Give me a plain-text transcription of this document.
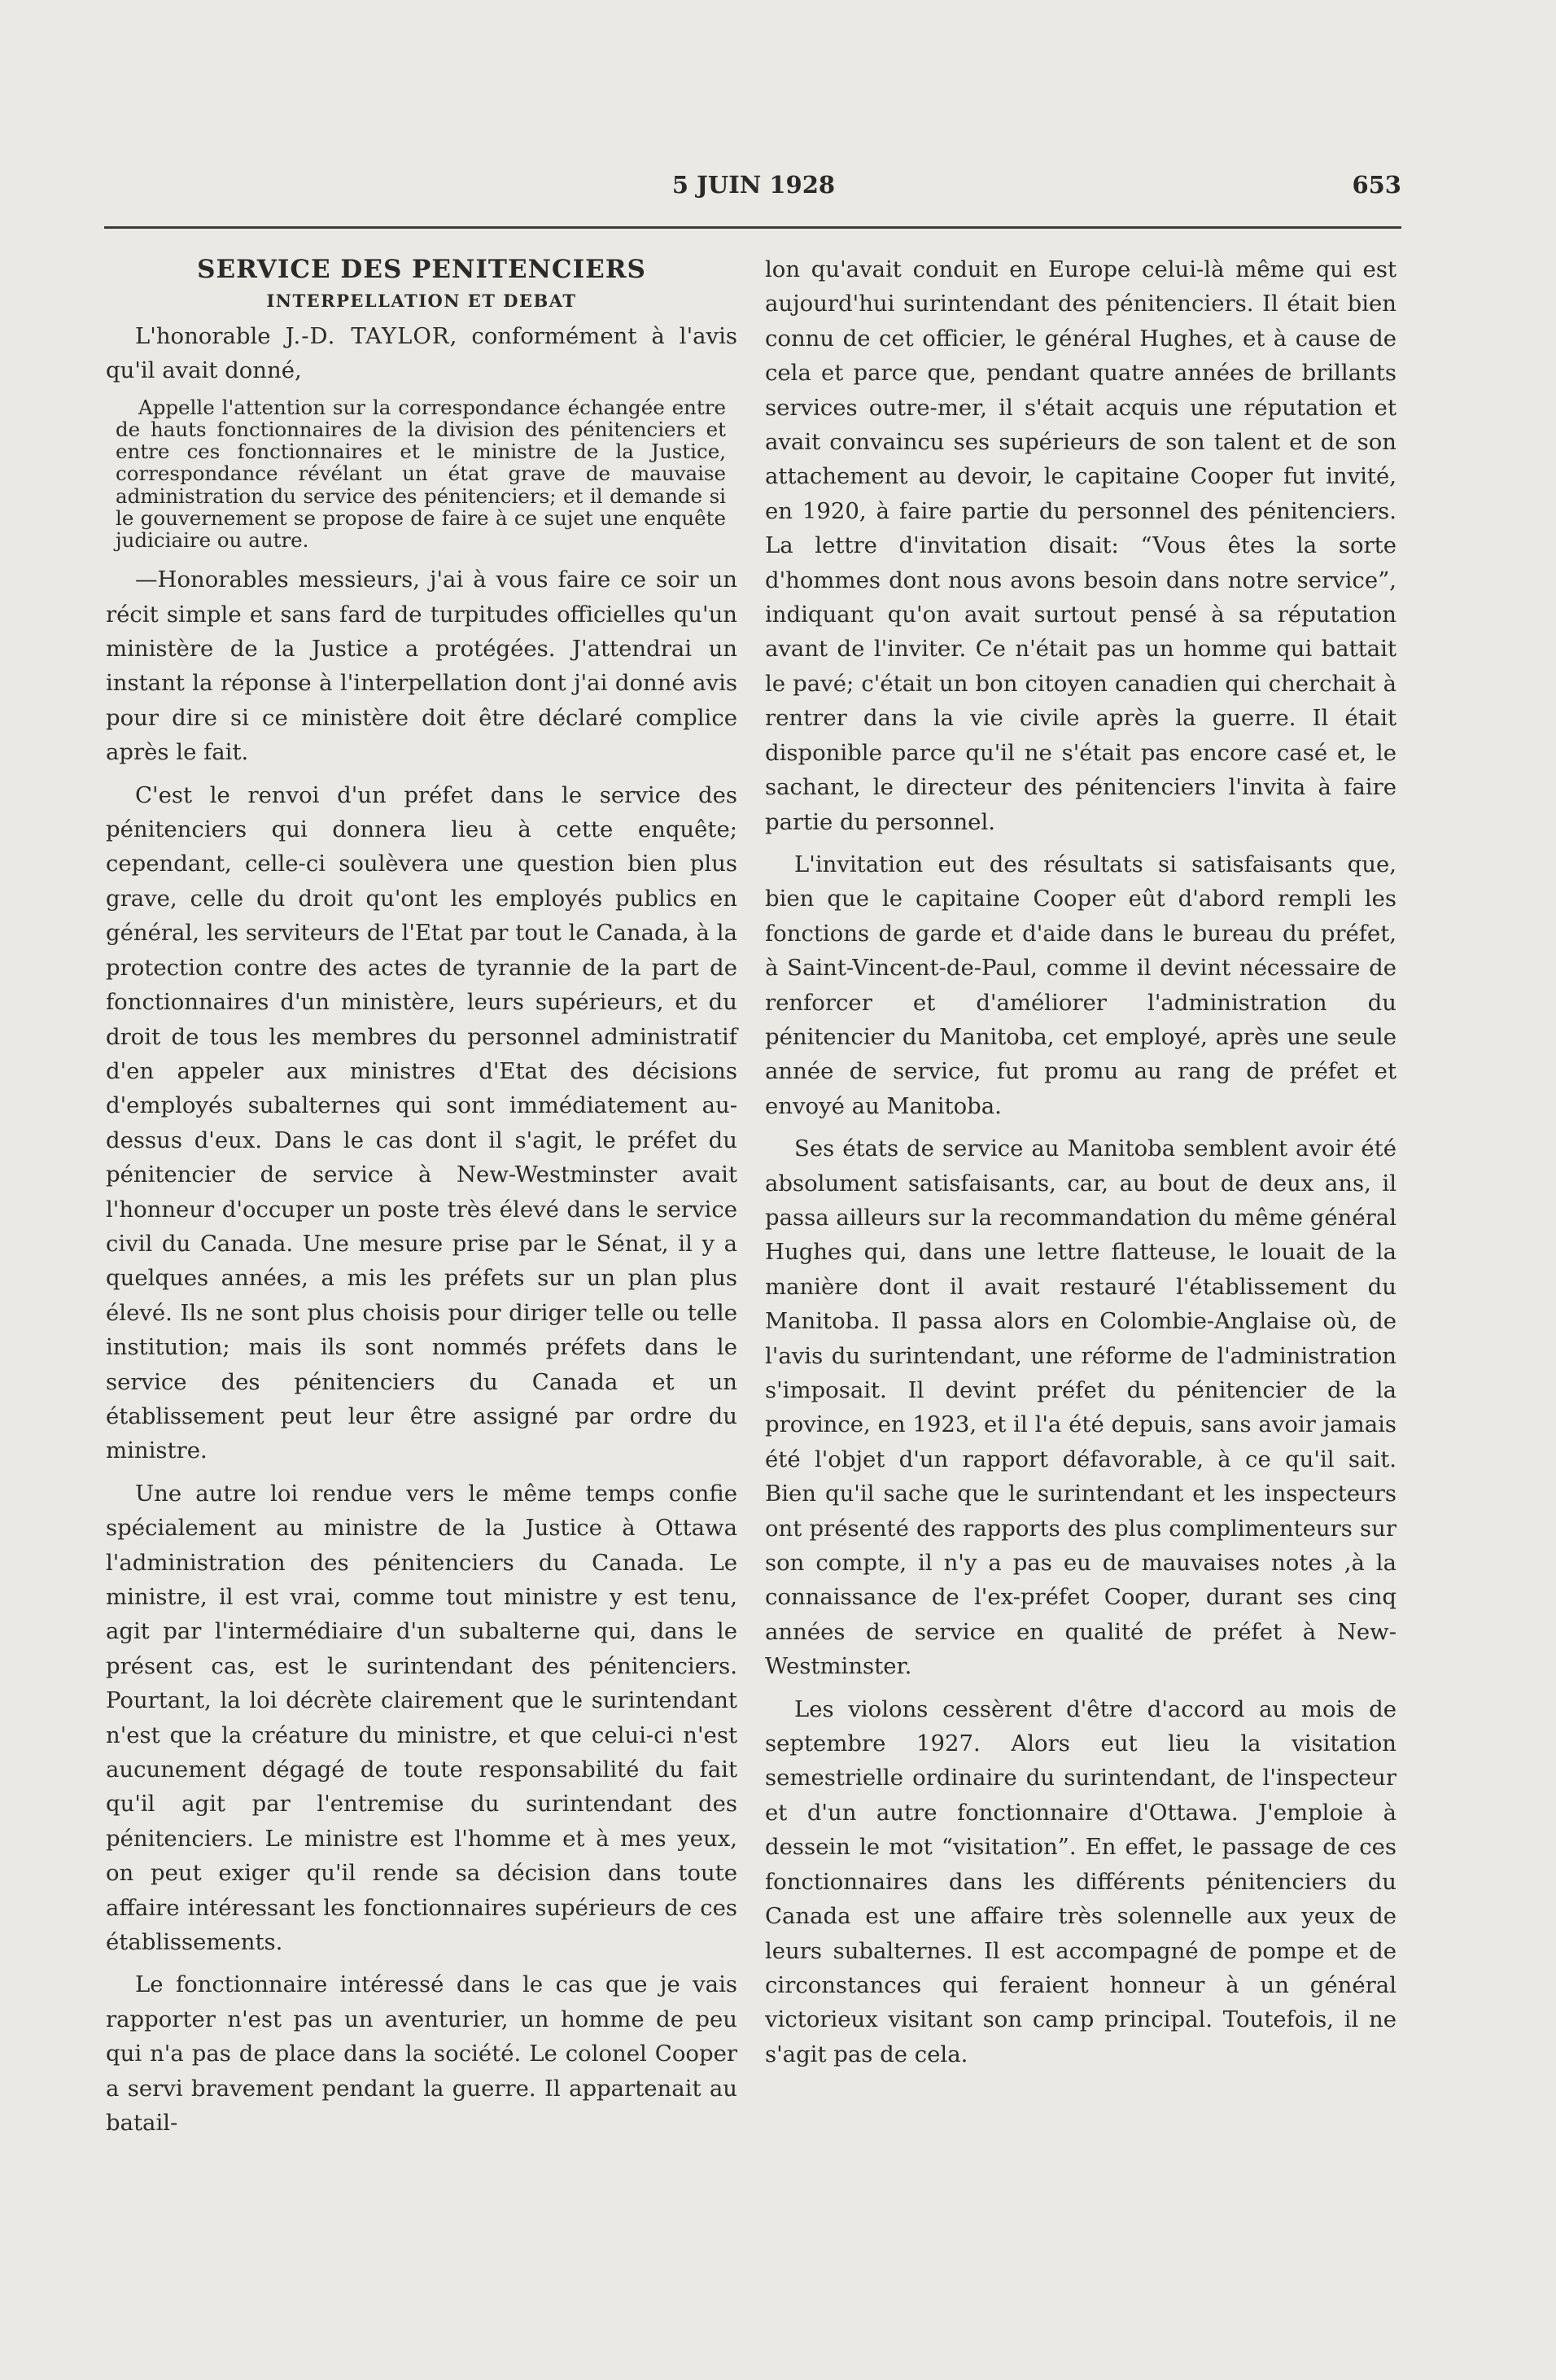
5 JUIN 1928	653
SERVICE DES PENITENCIERS
INTERPELLATION ET DEBAT

L'honorable J.-D. TAYLOR, conformément à l'avis qu'il avait donné,

Appelle l'attention sur la correspondance échangée entre de hauts fonctionnaires de la division des pénitenciers et entre ces fonctionnaires et le ministre de la Justice, correspondance révélant un état grave de mauvaise administration du service des pénitenciers; et il demande si le gouvernement se propose de faire à ce sujet une enquête judiciaire ou autre.

—Honorables messieurs, j'ai à vous faire ce soir un récit simple et sans fard de turpitudes officielles qu'un ministère de la Justice a protégées. J'attendrai un instant la réponse à l'interpellation dont j'ai donné avis pour dire si ce ministère doit être déclaré complice après le fait.

C'est le renvoi d'un préfet dans le service des pénitenciers qui donnera lieu à cette enquête; cependant, celle-ci soulèvera une question bien plus grave, celle du droit qu'ont les employés publics en général, les serviteurs de l'Etat par tout le Canada, à la protection contre des actes de tyrannie de la part de fonctionnaires d'un ministère, leurs supérieurs, et du droit de tous les membres du personnel administratif d'en appeler aux ministres d'Etat des décisions d'employés subalternes qui sont immédiatement au-dessus d'eux. Dans le cas dont il s'agit, le préfet du pénitencier de service à New-Westminster avait l'honneur d'occuper un poste très élevé dans le service civil du Canada. Une mesure prise par le Sénat, il y a quelques années, a mis les préfets sur un plan plus élevé. Ils ne sont plus choisis pour diriger telle ou telle institution; mais ils sont nommés préfets dans le service des pénitenciers du Canada et un établissement peut leur être assigné par ordre du ministre.

Une autre loi rendue vers le même temps confie spécialement au ministre de la Justice à Ottawa l'administration des pénitenciers du Canada. Le ministre, il est vrai, comme tout ministre y est tenu, agit par l'intermédiaire d'un subalterne qui, dans le présent cas, est le surintendant des pénitenciers. Pourtant, la loi décrète clairement que le surintendant n'est que la créature du ministre, et que celui-ci n'est aucunement dégagé de toute responsabilité du fait qu'il agit par l'entremise du surintendant des pénitenciers. Le ministre est l'homme et à mes yeux, on peut exiger qu'il rende sa décision dans toute affaire intéressant les fonctionnaires supérieurs de ces établissements.

Le fonctionnaire intéressé dans le cas que je vais rapporter n'est pas un aventurier, un homme de peu qui n'a pas de place dans la société. Le colonel Cooper a servi bravement pendant la guerre. Il appartenait au batail-

lon qu'avait conduit en Europe celui-là même qui est aujourd'hui surintendant des pénitenciers. Il était bien connu de cet officier, le général Hughes, et à cause de cela et parce que, pendant quatre années de brillants services outre-mer, il s'était acquis une réputation et avait convaincu ses supérieurs de son talent et de son attachement au devoir, le capitaine Cooper fut invité, en 1920, à faire partie du personnel des pénitenciers. La lettre d'invitation disait: “Vous êtes la sorte d'hommes dont nous avons besoin dans notre service”, indiquant qu'on avait surtout pensé à sa réputation avant de l'inviter. Ce n'était pas un homme qui battait le pavé; c'était un bon citoyen canadien qui cherchait à rentrer dans la vie civile après la guerre. Il était disponible parce qu'il ne s'était pas encore casé et, le sachant, le directeur des pénitenciers l'invita à faire partie du personnel.

L'invitation eut des résultats si satisfaisants que, bien que le capitaine Cooper eût d'abord rempli les fonctions de garde et d'aide dans le bureau du préfet, à Saint-Vincent-de-Paul, comme il devint nécessaire de renforcer et d'améliorer l'administration du pénitencier du Manitoba, cet employé, après une seule année de service, fut promu au rang de préfet et envoyé au Manitoba.

Ses états de service au Manitoba semblent avoir été absolument satisfaisants, car, au bout de deux ans, il passa ailleurs sur la recommandation du même général Hughes qui, dans une lettre flatteuse, le louait de la manière dont il avait restauré l'établissement du Manitoba. Il passa alors en Colombie-Anglaise où, de l'avis du surintendant, une réforme de l'administration s'imposait. Il devint préfet du pénitencier de la province, en 1923, et il l'a été depuis, sans avoir jamais été l'objet d'un rapport défavorable, à ce qu'il sait. Bien qu'il sache que le surintendant et les inspecteurs ont présenté des rapports des plus complimenteurs sur son compte, il n'y a pas eu de mauvaises notes ,à la connaissance de l'ex-préfet Cooper, durant ses cinq années de service en qualité de préfet à New-Westminster.

Les violons cessèrent d'être d'accord au mois de septembre 1927. Alors eut lieu la visitation semestrielle ordinaire du surintendant, de l'inspecteur et d'un autre fonctionnaire d'Ottawa. J'emploie à dessein le mot “visitation”. En effet, le passage de ces fonctionnaires dans les différents pénitenciers du Canada est une affaire très solennelle aux yeux de leurs subalternes. Il est accompagné de pompe et de circonstances qui feraient honneur à un général victorieux visitant son camp principal. Toutefois, il ne s'agit pas de cela.
